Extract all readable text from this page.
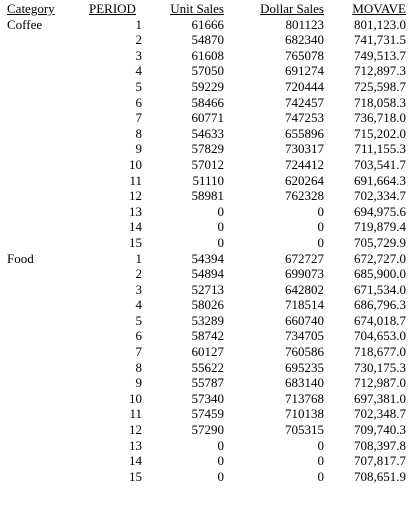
Category	PERIOD	Unit Sales	Dollar Sales	MOVAVE
Coffee	1	61666	801123	801,123.0
	2	54870	682340	741,731.5
	3	61608	765078	749,513.7
	4	57050	691274	712,897.3
	5	59229	720444	725,598.7
	6	58466	742457	718,058.3
	7	60771	747253	736,718.0
	8	54633	655896	715,202.0
	9	57829	730317	711,155.3
	10	57012	724412	703,541.7
	11	51110	620264	691,664.3
	12	58981	762328	702,334.7
	13	0	0	694,975.6
	14	0	0	719,879.4
	15	0	0	705,729.9
Food	1	54394	672727	672,727.0
	2	54894	699073	685,900.0
	3	52713	642802	671,534.0
	4	58026	718514	686,796.3
	5	53289	660740	674,018.7
	6	58742	734705	704,653.0
	7	60127	760586	718,677.0
	8	55622	695235	730,175.3
	9	55787	683140	712,987.0
	10	57340	713768	697,381.0
	11	57459	710138	702,348.7
	12	57290	705315	709,740.3
	13	0	0	708,397.8
	14	0	0	707,817.7
	15	0	0	708,651.9
